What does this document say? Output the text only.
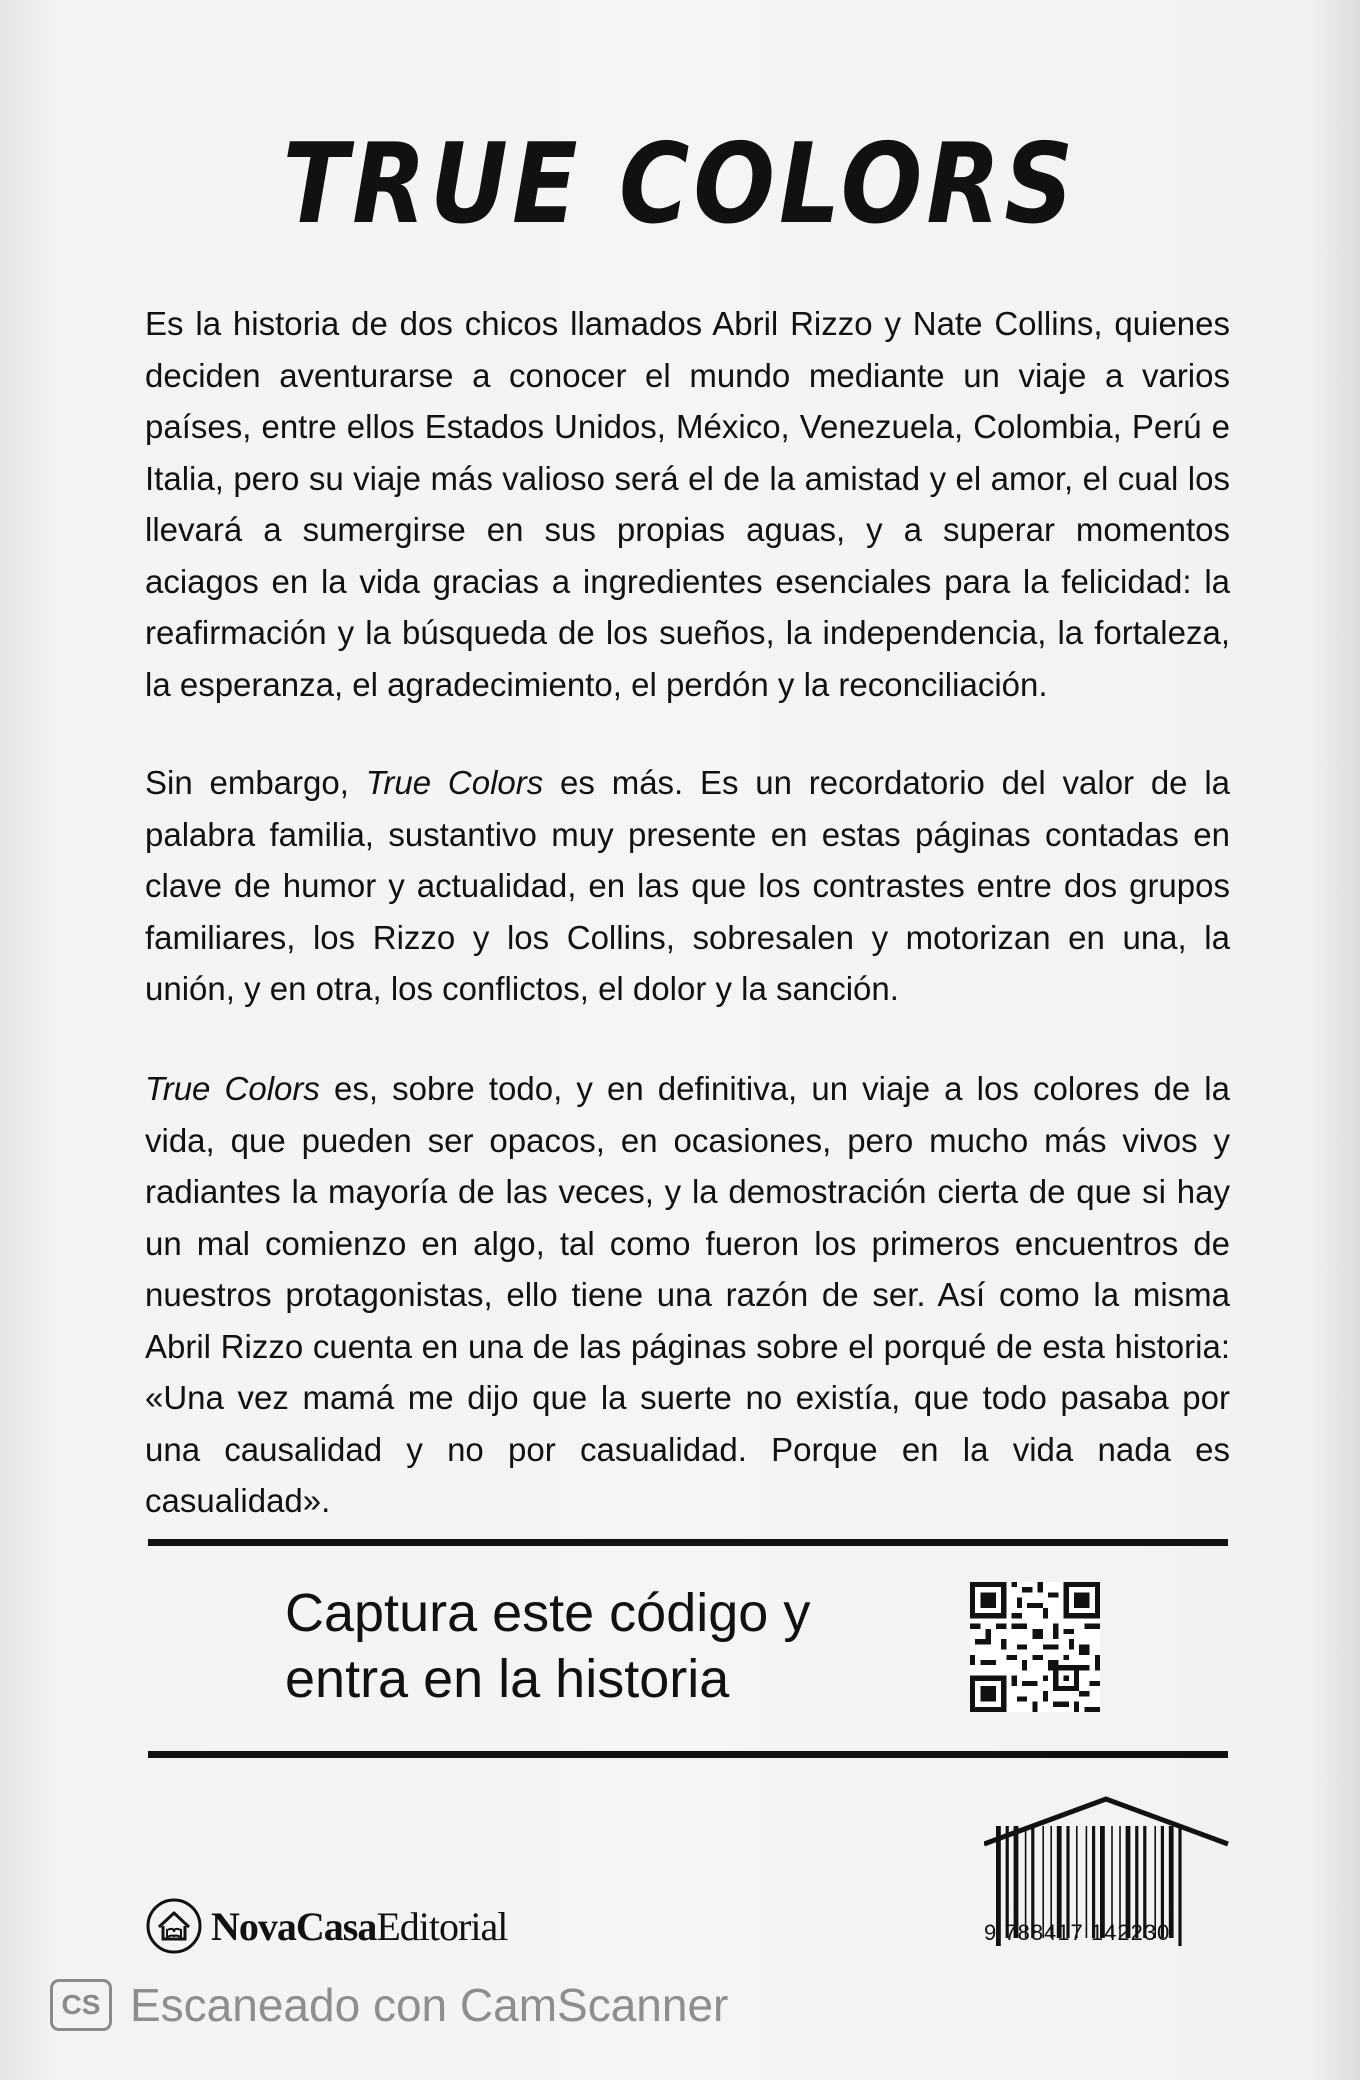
TRUE COLORS
Es la historia de dos chicos llamados Abril Rizzo y Nate Collins, quienes deciden aventurarse a conocer el mundo mediante un viaje a varios países, entre ellos Estados Unidos, México, Venezuela, Colombia, Perú e Italia, pero su viaje más valioso será el de la amistad y el amor, el cual los llevará a sumergirse en sus propias aguas, y a superar momentos aciagos en la vida gracias a ingredientes esenciales para la felicidad: la reafirmación y la búsqueda de los sueños, la independencia, la fortaleza, la esperanza, el agradecimiento, el perdón y la reconciliación.
Sin embargo, True Colors es más. Es un recordatorio del valor de la palabra familia, sustantivo muy presente en estas páginas contadas en clave de humor y actualidad, en las que los contrastes entre dos grupos familiares, los Rizzo y los Collins, sobresalen y motorizan en una, la unión, y en otra, los conflictos, el dolor y la sanción.
True Colors es, sobre todo, y en definitiva, un viaje a los colores de la vida, que pueden ser opacos, en ocasiones, pero mucho más vivos y radiantes la mayoría de las veces, y la demostración cierta de que si hay un mal comienzo en algo, tal como fueron los primeros encuentros de nuestros protagonistas, ello tiene una razón de ser. Así como la misma Abril Rizzo cuenta en una de las páginas sobre el porqué de esta historia: «Una vez mamá me dijo que la suerte no existía, que todo pasaba por una causalidad y no por casualidad. Porque en la vida nada es casualidad».
Captura este código y
entra en la historia
NovaCasaEditorial	9 788417 142230
CS Escaneado con CamScanner
